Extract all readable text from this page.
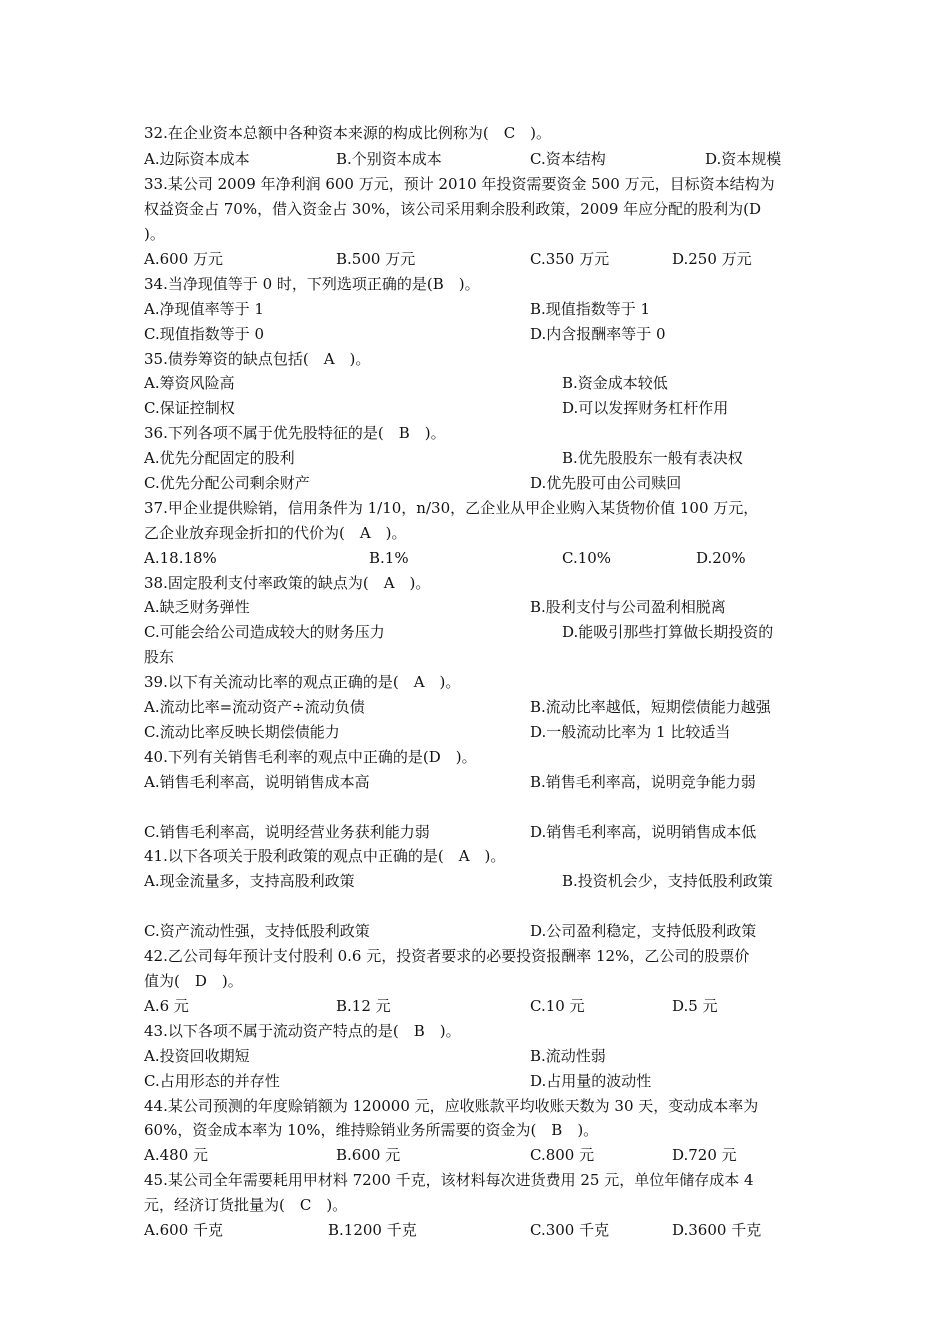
32.在企业资本总额中各种资本来源的构成比例称为(　C　)。
A.边际资本成本	B.个别资本成本	C.资本结构	D.资本规模
33.某公司 2009 年净利润 600 万元，预计 2010 年投资需要资金 500 万元，目标资本结构为
权益资金占 70%，借入资金占 30%，该公司采用剩余股利政策，2009 年应分配的股利为(D
)。
A.600 万元	B.500 万元	C.350 万元	D.250 万元
34.当净现值等于 0 时，下列选项正确的是(B　)。
A.净现值率等于 1	B.现值指数等于 1
C.现值指数等于 0	D.内含报酬率等于 0
35.债券筹资的缺点包括(　A　)。
A.筹资风险高	B.资金成本较低
C.保证控制权	D.可以发挥财务杠杆作用
36.下列各项不属于优先股特征的是(　B　)。
A.优先分配固定的股利	B.优先股股东一般有表决权
C.优先分配公司剩余财产	D.优先股可由公司赎回
37.甲企业提供赊销，信用条件为 1/10，n/30，乙企业从甲企业购入某货物价值 100 万元，
乙企业放弃现金折扣的代价为(　A　)。
A.18.18%	B.1%	C.10%	D.20%
38.固定股利支付率政策的缺点为(　A　)。
A.缺乏财务弹性	B.股利支付与公司盈利相脱离
C.可能会给公司造成较大的财务压力	D.能吸引那些打算做长期投资的
股东
39.以下有关流动比率的观点正确的是(　A　)。
A.流动比率=流动资产÷流动负债	B.流动比率越低，短期偿债能力越强
C.流动比率反映长期偿债能力	D.一般流动比率为 1 比较适当
40.下列有关销售毛利率的观点中正确的是(D　)。
A.销售毛利率高，说明销售成本高	B.销售毛利率高，说明竞争能力弱
C.销售毛利率高，说明经营业务获利能力弱	D.销售毛利率高，说明销售成本低
41.以下各项关于股利政策的观点中正确的是(　A　)。
A.现金流量多，支持高股利政策	B.投资机会少，支持低股利政策
C.资产流动性强，支持低股利政策	D.公司盈利稳定，支持低股利政策
42.乙公司每年预计支付股利 0.6 元，投资者要求的必要投资报酬率 12%，乙公司的股票价
值为(　D　)。
A.6 元	B.12 元	C.10 元	D.5 元
43.以下各项不属于流动资产特点的是(　B　)。
A.投资回收期短	B.流动性弱
C.占用形态的并存性	D.占用量的波动性
44.某公司预测的年度赊销额为 120000 元，应收账款平均收账天数为 30 天，变动成本率为
60%，资金成本率为 10%，维持赊销业务所需要的资金为(　B　)。
A.480 元	B.600 元	C.800 元	D.720 元
45.某公司全年需要耗用甲材料 7200 千克，该材料每次进货费用 25 元，单位年储存成本 4
元，经济订货批量为(　C　)。
A.600 千克	B.1200 千克	C.300 千克	D.3600 千克
